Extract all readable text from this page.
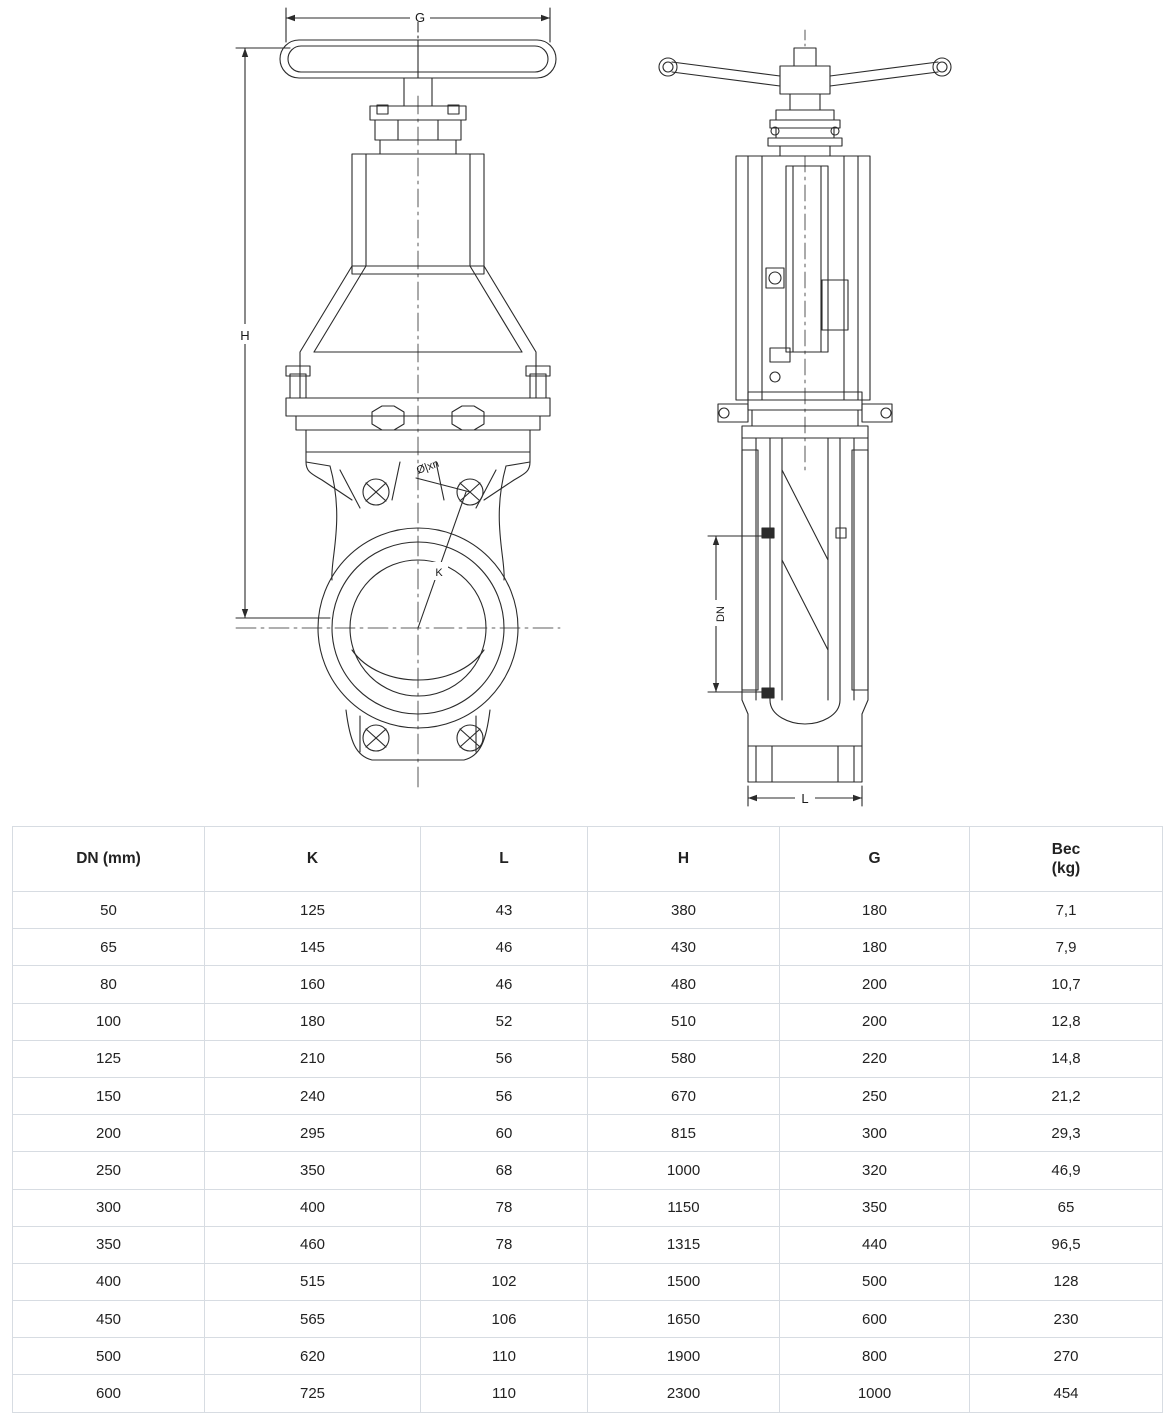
G
H
K
Ø|xn
DN
L
DN (mm)	K	L	H	G	Bec
(kg)
50	125	43	380	180	7,1
65	145	46	430	180	7,9
80	160	46	480	200	10,7
100	180	52	510	200	12,8
125	210	56	580	220	14,8
150	240	56	670	250	21,2
200	295	60	815	300	29,3
250	350	68	1000	320	46,9
300	400	78	1150	350	65
350	460	78	1315	440	96,5
400	515	102	1500	500	128
450	565	106	1650	600	230
500	620	110	1900	800	270
600	725	110	2300	1000	454
